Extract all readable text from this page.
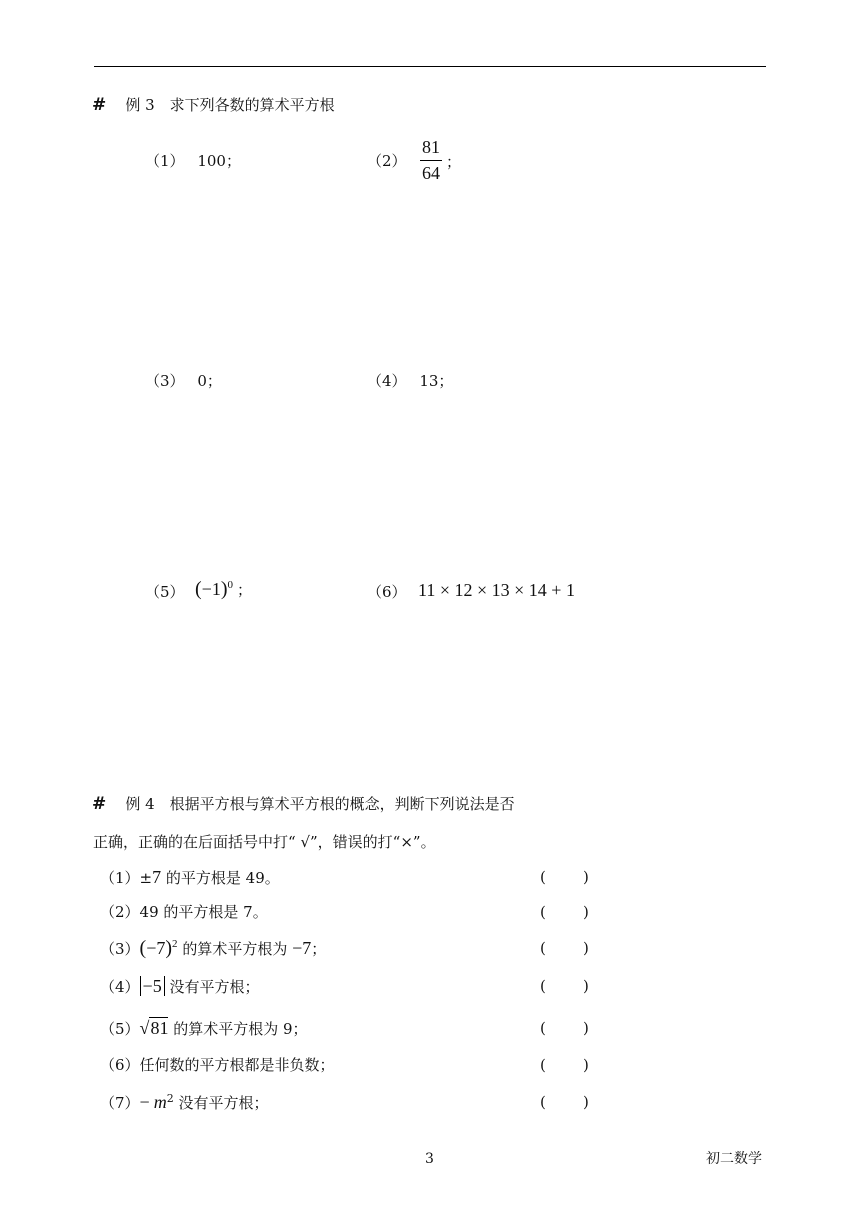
# 例 3　求下列各数的算术平方根
（1） 100；	$(2) \frac{81}{64}$ ；
（3） 0；	（4） 13；
（5） $(-1)^0$ ；	（6） 11 × 12 × 13 × 14 + 1
# 例 4　根据平方根与算术平方根的概念，判断下列说法是否
正确，正确的在后面括号中打“ √”，错误的打“×”。
（1）±7 的平方根是 49。	( )
（2）49 的平方根是 7。	( )
$(3)(-7)^2$ 的算术平方根为 −7；	( )
（4） −5 没有平方根；	( )
（5）√81 的算术平方根为 9；	( )
（6）任何数的平方根都是非负数；	( )
$(7)- m^2$ 没有平方根；	( )
3	初二数学
